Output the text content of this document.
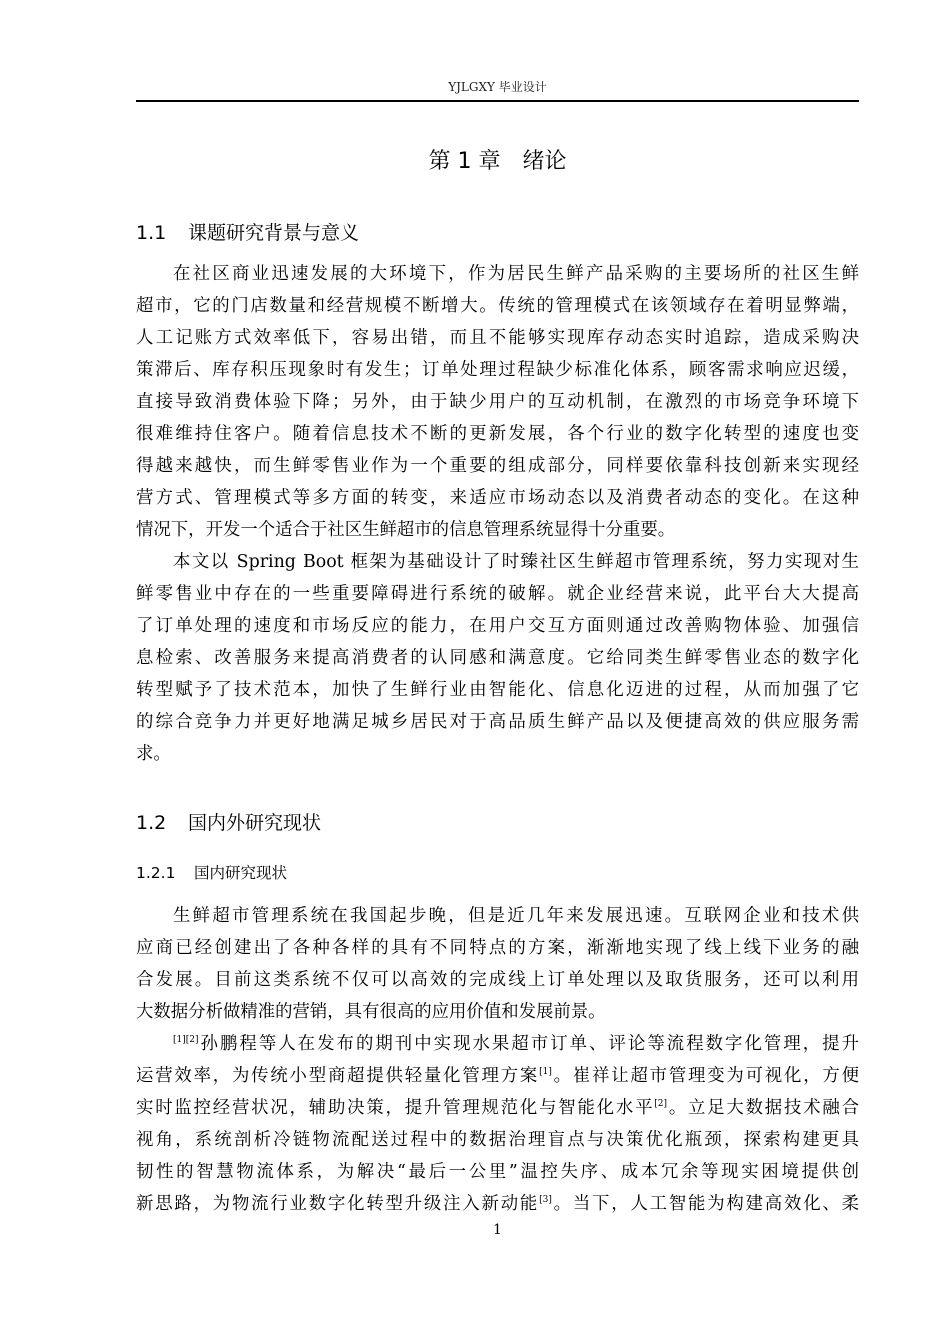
YJLGXY 毕业设计
第 1 章　绪论
1.1 课题研究背景与意义
在社区商业迅速发展的大环境下，作为居民生鲜产品采购的主要场所的社区生鲜
超市，它的门店数量和经营规模不断增大。传统的管理模式在该领域存在着明显弊端，
人工记账方式效率低下，容易出错，而且不能够实现库存动态实时追踪，造成采购决
策滞后、库存积压现象时有发生；订单处理过程缺少标准化体系，顾客需求响应迟缓，
直接导致消费体验下降；另外，由于缺少用户的互动机制，在激烈的市场竞争环境下
很难维持住客户。随着信息技术不断的更新发展，各个行业的数字化转型的速度也变
得越来越快，而生鲜零售业作为一个重要的组成部分，同样要依靠科技创新来实现经
营方式、管理模式等多方面的转变，来适应市场动态以及消费者动态的变化。在这种
情况下，开发一个适合于社区生鲜超市的信息管理系统显得十分重要。
本文以 Spring Boot 框架为基础设计了时臻社区生鲜超市管理系统，努力实现对生
鲜零售业中存在的一些重要障碍进行系统的破解。就企业经营来说，此平台大大提高
了订单处理的速度和市场反应的能力，在用户交互方面则通过改善购物体验、加强信
息检索、改善服务来提高消费者的认同感和满意度。它给同类生鲜零售业态的数字化
转型赋予了技术范本，加快了生鲜行业由智能化、信息化迈进的过程，从而加强了它
的综合竞争力并更好地满足城乡居民对于高品质生鲜产品以及便捷高效的供应服务需
求。
1.2 国内外研究现状
1.2.1 国内研究现状
生鲜超市管理系统在我国起步晚，但是近几年来发展迅速。互联网企业和技术供
应商已经创建出了各种各样的具有不同特点的方案，渐渐地实现了线上线下业务的融
合发展。目前这类系统不仅可以高效的完成线上订单处理以及取货服务，还可以利用
大数据分析做精准的营销，具有很高的应用价值和发展前景。
[1][2]孙鹏程等人在发布的期刊中实现水果超市订单、评论等流程数字化管理，提升
运营效率，为传统小型商超提供轻量化管理方案[1]。崔祥让超市管理变为可视化，方便
实时监控经营状况，辅助决策，提升管理规范化与智能化水平[2]。立足大数据技术融合
视角，系统剖析冷链物流配送过程中的数据治理盲点与决策优化瓶颈，探索构建更具
韧性的智慧物流体系，为解决“最后一公里”温控失序、成本冗余等现实困境提供创
新思路，为物流行业数字化转型升级注入新动能[3]。当下，人工智能为构建高效化、柔
1
